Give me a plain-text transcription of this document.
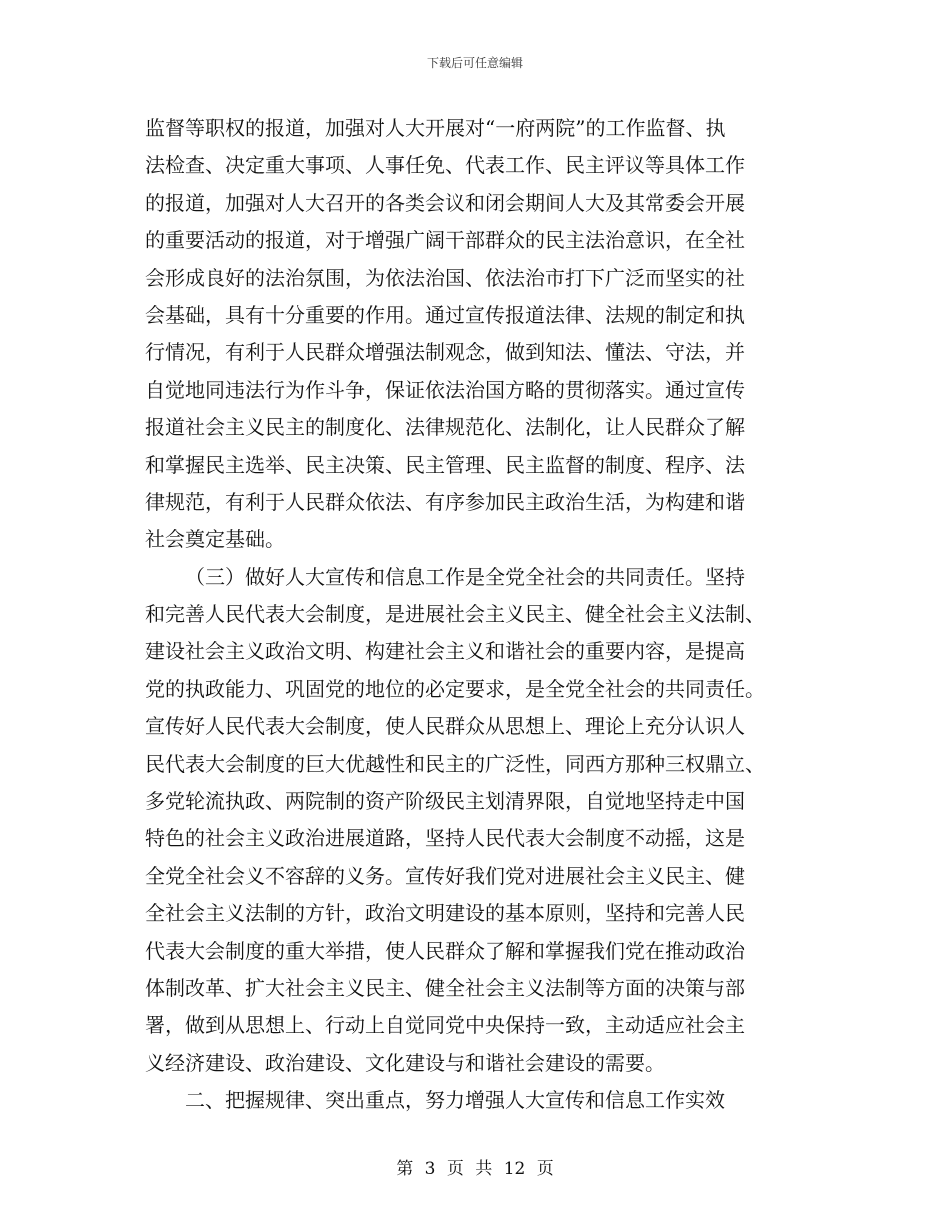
下载后可任意编辑
监督等职权的报道，加强对人大开展对“一府两院”的工作监督、执
法检查、决定重大事项、人事任免、代表工作、民主评议等具体工作
的报道，加强对人大召开的各类会议和闭会期间人大及其常委会开展
的重要活动的报道，对于增强广阔干部群众的民主法治意识，在全社
会形成良好的法治氛围，为依法治国、依法治市打下广泛而坚实的社
会基础，具有十分重要的作用。通过宣传报道法律、法规的制定和执
行情况，有利于人民群众增强法制观念，做到知法、懂法、守法，并
自觉地同违法行为作斗争，保证依法治国方略的贯彻落实。通过宣传
报道社会主义民主的制度化、法律规范化、法制化，让人民群众了解
和掌握民主选举、民主决策、民主管理、民主监督的制度、程序、法
律规范，有利于人民群众依法、有序参加民主政治生活，为构建和谐
社会奠定基础。
（三）做好人大宣传和信息工作是全党全社会的共同责任。坚持
和完善人民代表大会制度，是进展社会主义民主、健全社会主义法制、
建设社会主义政治文明、构建社会主义和谐社会的重要内容，是提高
党的执政能力、巩固党的地位的必定要求，是全党全社会的共同责任。
宣传好人民代表大会制度，使人民群众从思想上、理论上充分认识人
民代表大会制度的巨大优越性和民主的广泛性，同西方那种三权鼎立、
多党轮流执政、两院制的资产阶级民主划清界限，自觉地坚持走中国
特色的社会主义政治进展道路，坚持人民代表大会制度不动摇，这是
全党全社会义不容辞的义务。宣传好我们党对进展社会主义民主、健
全社会主义法制的方针，政治文明建设的基本原则，坚持和完善人民
代表大会制度的重大举措，使人民群众了解和掌握我们党在推动政治
体制改革、扩大社会主义民主、健全社会主义法制等方面的决策与部
署，做到从思想上、行动上自觉同党中央保持一致，主动适应社会主
义经济建设、政治建设、文化建设与和谐社会建设的需要。
二、把握规律、突出重点，努力增强人大宣传和信息工作实效
第 3 页 共 12 页
